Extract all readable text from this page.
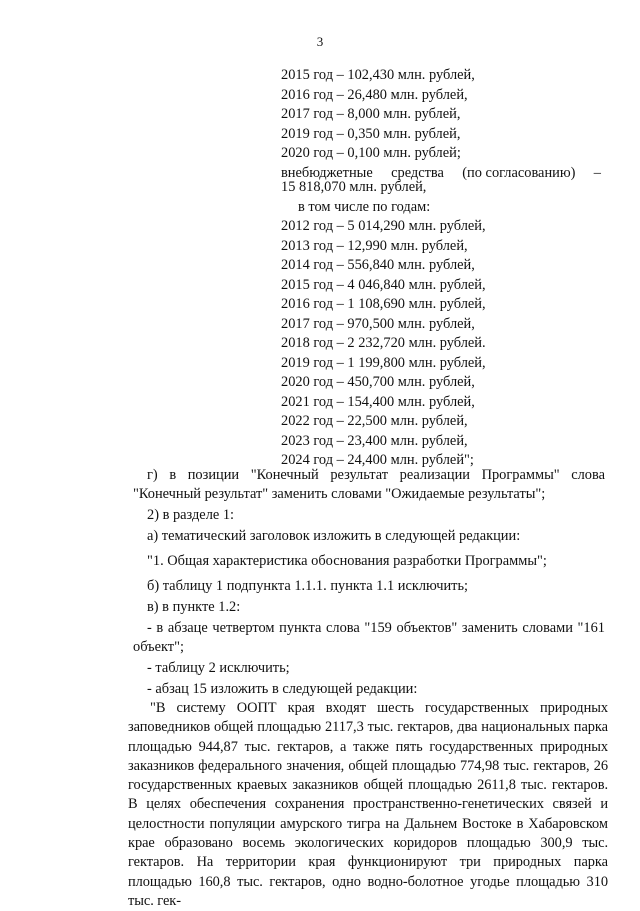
3
2015 год – 102,430 млн. рублей,
2016 год – 26,480 млн. рублей,
2017 год – 8,000 млн. рублей,
2019 год – 0,350 млн. рублей,
2020 год – 0,100 млн. рублей;
внебюджетные средства (по согласованию) –
15 818,070 млн. рублей,
в том числе по годам:
2012 год – 5 014,290 млн. рублей,
2013 год – 12,990 млн. рублей,
2014 год – 556,840 млн. рублей,
2015 год – 4 046,840 млн. рублей,
2016 год – 1 108,690 млн. рублей,
2017 год – 970,500 млн. рублей,
2018 год – 2 232,720 млн. рублей.
2019 год – 1 199,800 млн. рублей,
2020 год – 450,700 млн. рублей,
2021 год – 154,400 млн. рублей,
2022 год – 22,500 млн. рублей,
2023 год – 23,400 млн. рублей,
2024 год – 24,400 млн. рублей";
г) в позиции "Конечный результат реализации Программы" слова "Конечный результат" заменить словами "Ожидаемые результаты";
2) в разделе 1:
а) тематический заголовок изложить в следующей редакции:
"1. Общая характеристика обоснования разработки Программы";
б) таблицу 1 подпункта 1.1.1. пункта 1.1 исключить;
в) в пункте 1.2:
- в абзаце четвертом пункта слова "159 объектов" заменить словами "161 объект";
- таблицу 2 исключить;
- абзац 15 изложить в следующей редакции:
"В систему ООПТ края входят шесть государственных природных заповедников общей площадью 2117,3 тыс. гектаров, два национальных парка площадью 944,87 тыс. гектаров, а также пять государственных природных заказников федерального значения, общей площадью 774,98 тыс. гектаров, 26 государственных краевых заказников общей площадью 2611,8 тыс. гектаров. В целях обеспечения сохранения пространственно-генетических связей и целостности популяции амурского тигра на Дальнем Востоке в Хабаровском крае образовано восемь экологических коридоров площадью 300,9 тыс. гектаров. На территории края функционируют три природных парка площадью 160,8 тыс. гектаров, одно водно-болотное угодье площадью 310 тыс. гек-
